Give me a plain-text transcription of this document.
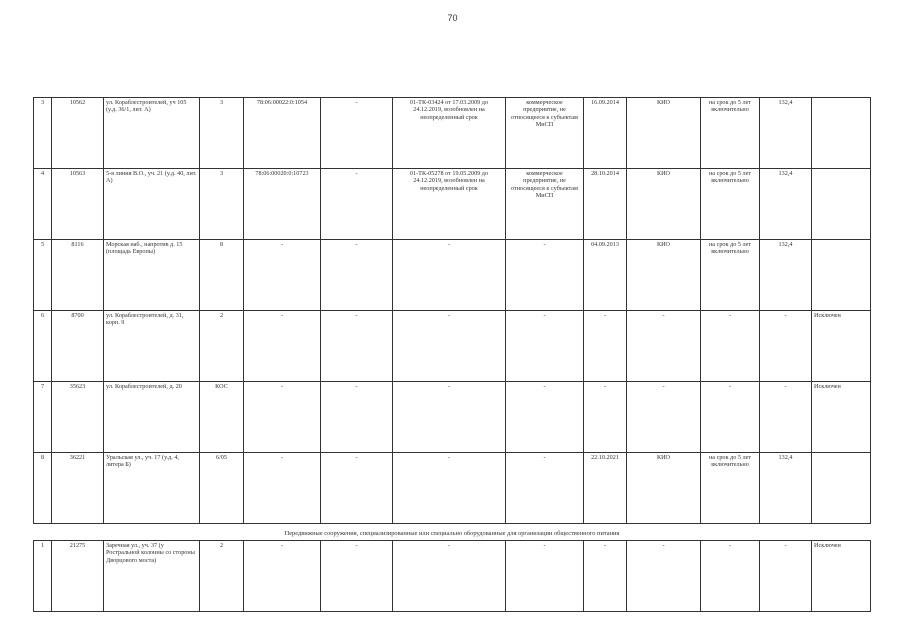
70
3	10562	ул. Кораблестроителей, уч 105 (у.д. 36/1, лит. А)	3	78:06:00022:0:1054	-	01-ТК-03424 от 17.03.2009 до 24.12.2019, возобновлен на неопределенный срок	коммерческое предприятие, не относящееся к субъектам МиСП	16.09.2014	КИО	на срок до 5 лет включительно	132,4	
4	10563	5-я линия В.О., уч. 21 (у.д. 40, лит. А)	3	78:06:00020:0:10723	-	01-ТК-05278 от 19.05.2009 до 24.12.2019, возобновлен на неопределенный срок	коммерческое предприятие, не относящееся к субъектам МиСП	28.10.2014	КИО	на срок до 5 лет включительно	132,4	
5	8116	Морская наб., напротив д. 15 (площадь Европы)	8	-	-	-	-	04.09.2013	КИО	на срок до 5 лет включительно	132,4	
6	8700	ул. Кораблестроителей, д. 31, корп. 9	2	-	-	-	-	-	-	-	-	Исключен
7	35623	ул. Кораблестроителей, д. 20	КОС	-	-	-	-	-	-	-	-	Исключен
8	36221	Уральская ул., уч. 17 (у.д. 4, литера Б)	6/05	-	-	-	-	22.10.2021	КИО	на срок до 5 лет включительно	132,4	
Передвижные сооружения, специализированные или специально оборудованные для организации общественного питания
1	21275	Заречная ул., уч. 37 (у Ростральной колонны со стороны Дворцового моста)	2	-	-	-	-	-	-	-	-	Исключен
